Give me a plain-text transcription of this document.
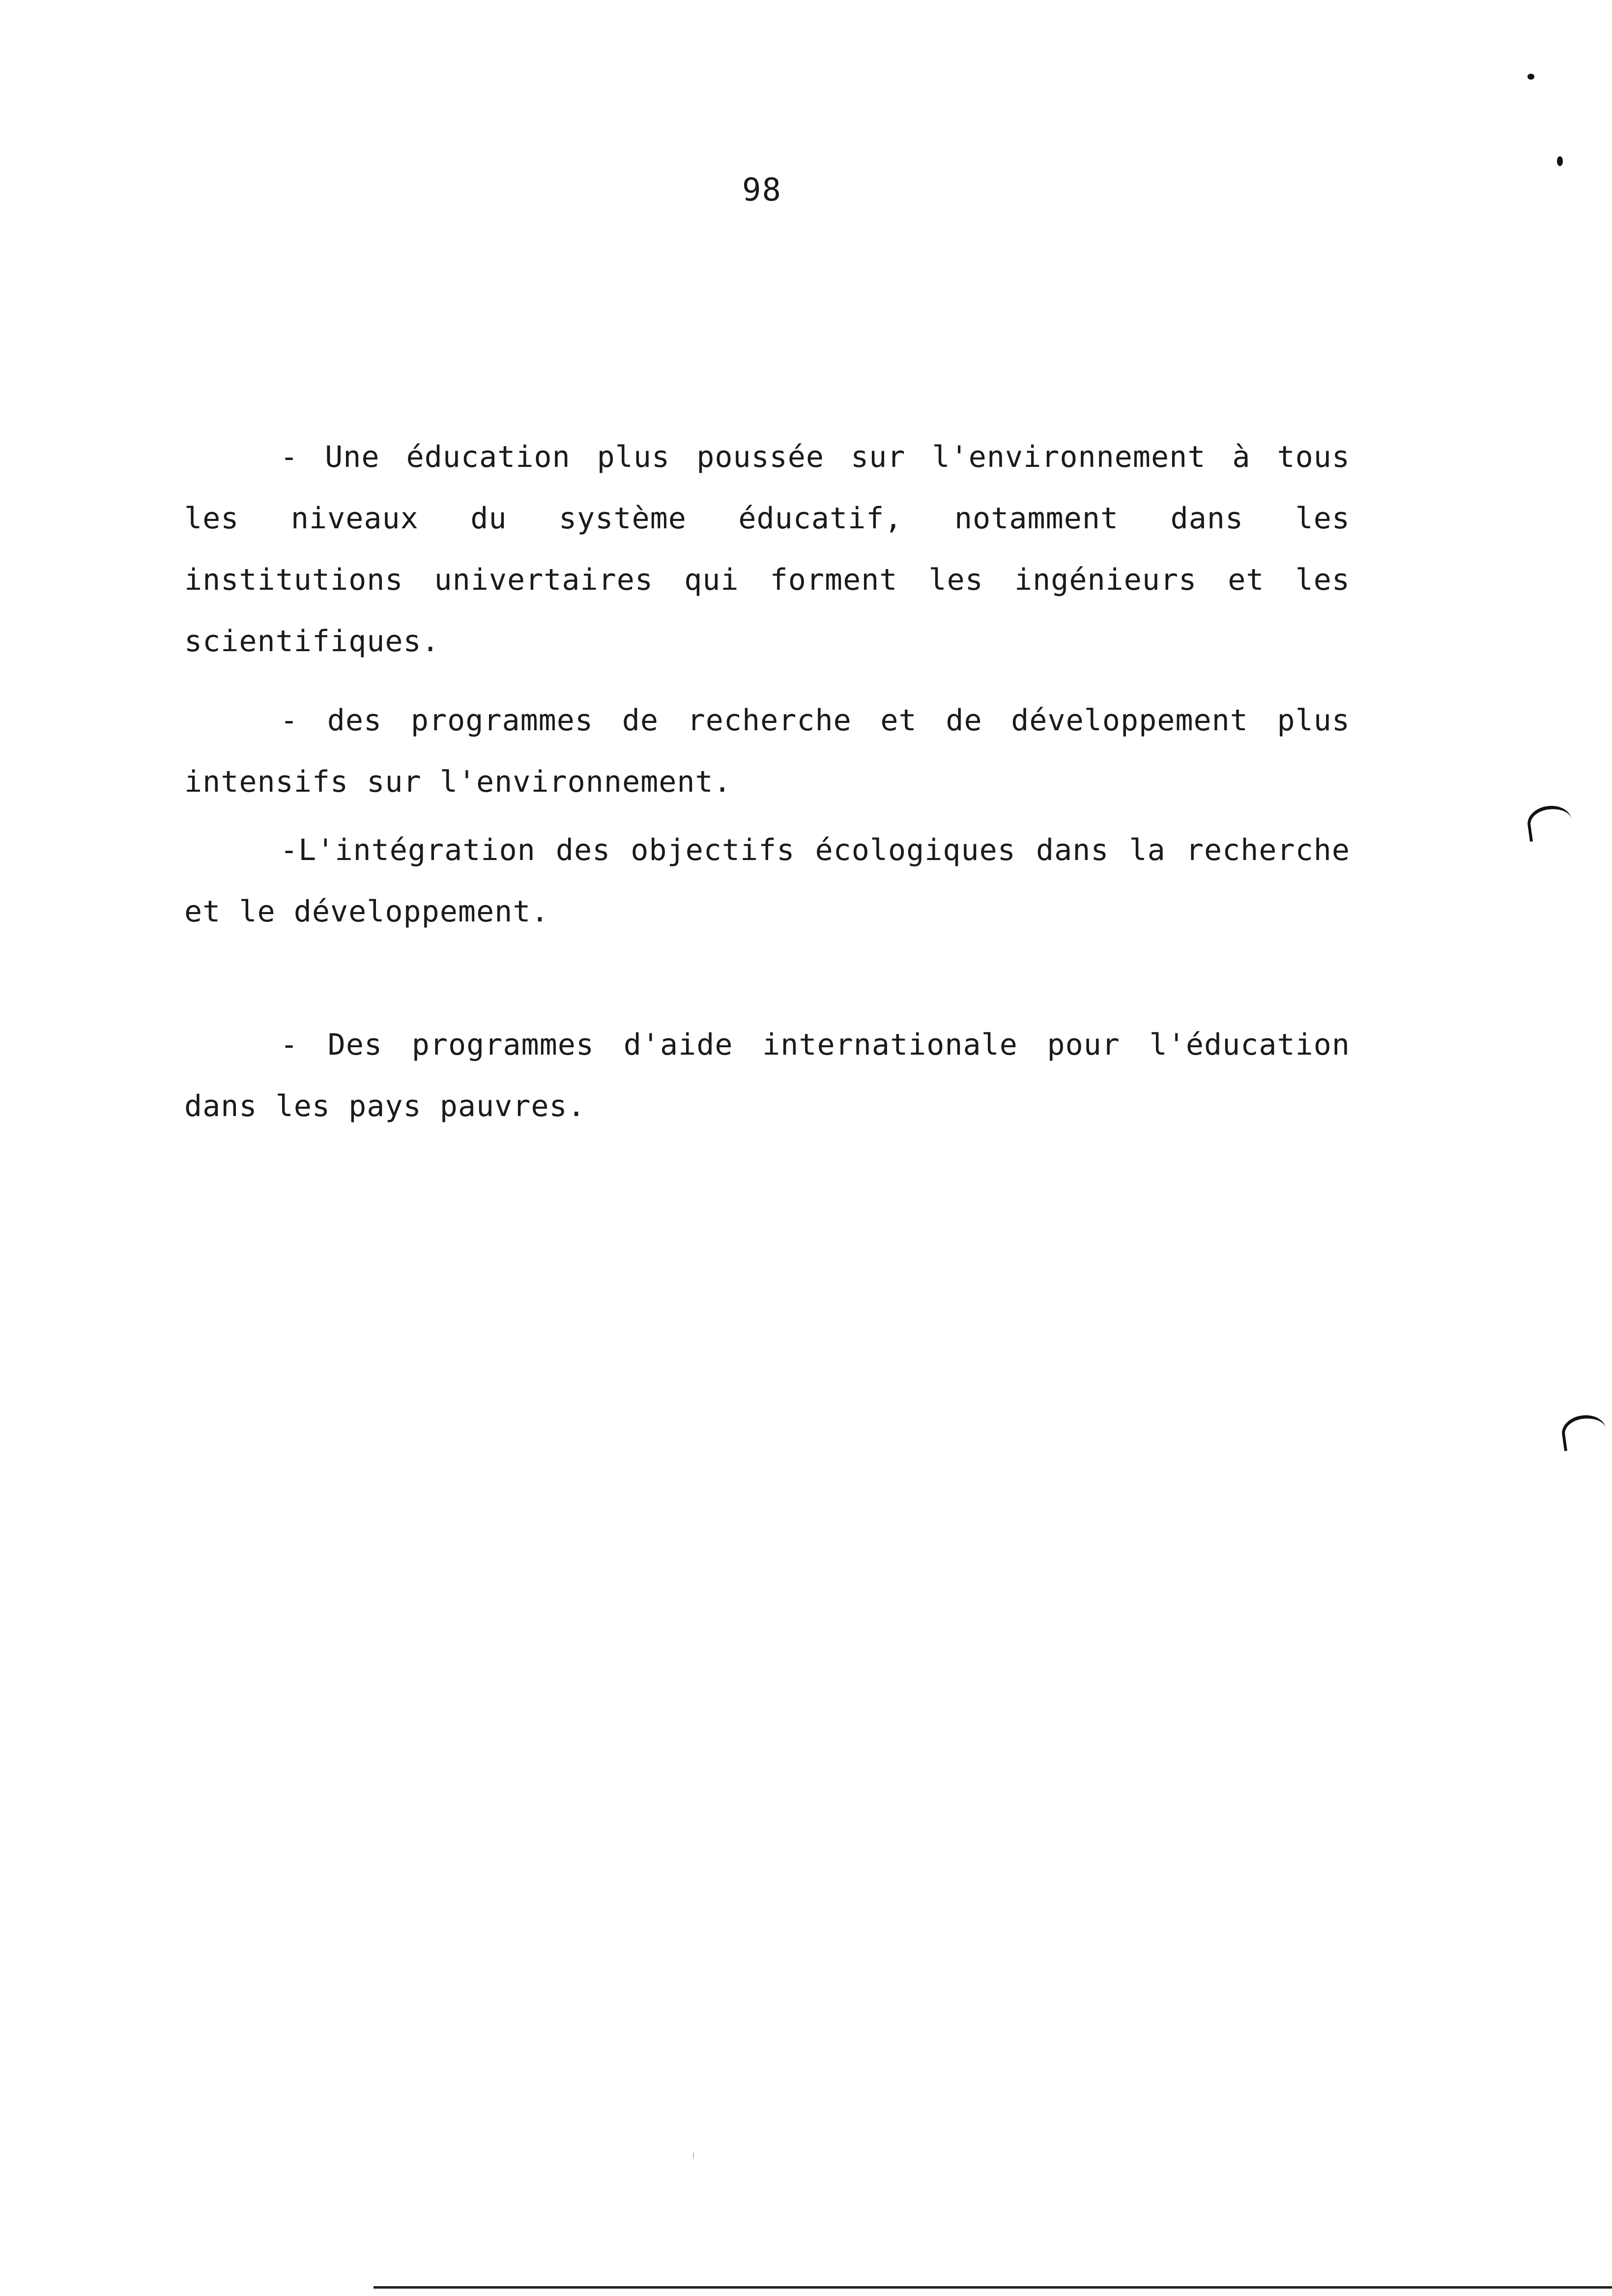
98

- Une éducation plus poussée sur l'environnement à tous les niveaux du système éducatif, notamment dans les institutions univertaires qui forment les ingénieurs et les scientifiques.

- des programmes de recherche et de développement plus intensifs sur l'environnement.

-L'intégration des objectifs écologiques dans la recherche et le développement.

- Des programmes d'aide internationale pour l'éducation dans les pays pauvres.
